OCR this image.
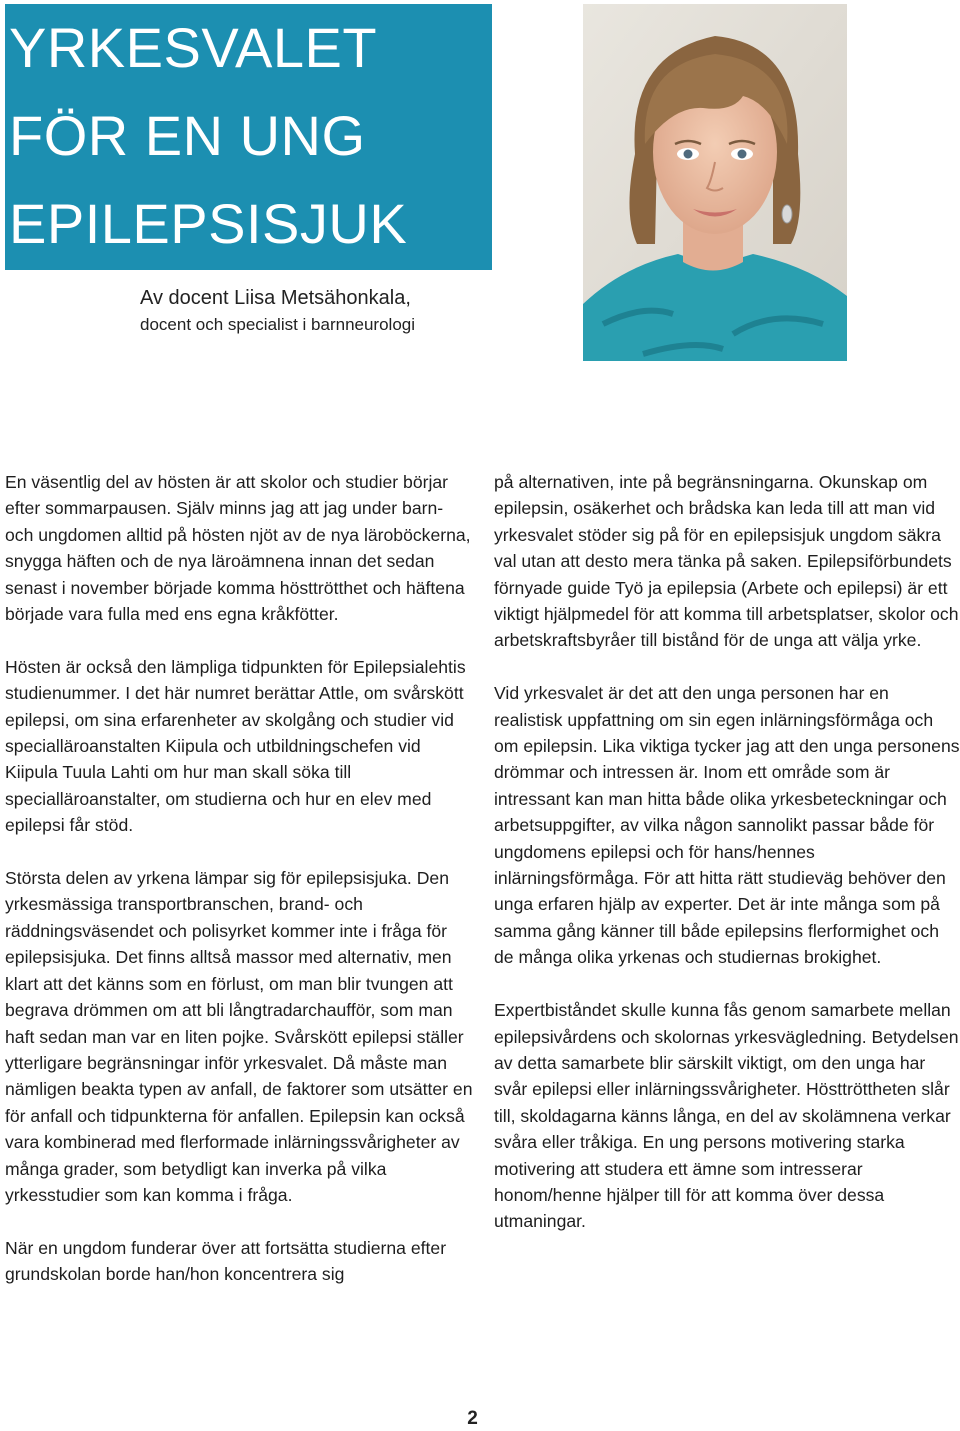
YRKESVALET
FÖR EN UNG
EPILEPSISJUK
Av docent Liisa Metsähonkala,
docent och specialist i barnneurologi

En väsentlig del av hösten är att skolor och studier börjar efter sommarpausen. Själv minns jag att jag under barn- och ungdomen alltid på hösten njöt av de nya läroböckerna, snygga häften och de nya läroämnena innan det sedan senast i november började komma hösttrötthet och häftena började vara fulla med ens egna kråkfötter.

Hösten är också den lämpliga tidpunkten för Epilepsialehtis studienummer. I det här numret berättar Attle, om svårskött epilepsi, om sina erfarenheter av skolgång och studier vid specialläroanstalten Kiipula och utbildningschefen vid Kiipula Tuula Lahti om hur man skall söka till specialläroanstalter, om studierna och hur en elev med epilepsi får stöd.

Största delen av yrkena lämpar sig för epilepsisjuka. Den yrkesmässiga transportbranschen, brand- och räddningsväsendet och polisyrket kommer inte i fråga för epilepsisjuka. Det finns alltså massor med alternativ, men klart att det känns som en förlust, om man blir tvungen att begrava drömmen om att bli långtradarchaufför, som man haft sedan man var en liten pojke. Svårskött epilepsi ställer ytterligare begränsningar inför yrkesvalet. Då måste man nämligen beakta typen av anfall, de faktorer som utsätter en för anfall och tidpunkterna för anfallen. Epilepsin kan också vara kombinerad med flerformade inlärningssvårigheter av många grader, som betydligt kan inverka på vilka yrkesstudier som kan komma i fråga.

När en ungdom funderar över att fortsätta studierna efter grundskolan borde han/hon koncentrera sig

på alternativen, inte på begränsningarna. Okunskap om epilepsin, osäkerhet och brådska kan leda till att man vid yrkesvalet stöder sig på för en epilepsisjuk ungdom säkra val utan att desto mera tänka på saken. Epilepsiförbundets förnyade guide Työ ja epilepsia (Arbete och epilepsi) är ett viktigt hjälpmedel för att komma till arbetsplatser, skolor och arbetskraftsbyråer till bistånd för de unga att välja yrke.

Vid yrkesvalet är det att den unga personen har en realistisk uppfattning om sin egen inlärningsförmåga och om epilepsin. Lika viktiga tycker jag att den unga personens drömmar och intressen är. Inom ett område som är intressant kan man hitta både olika yrkesbeteckningar och arbetsuppgifter, av vilka någon sannolikt passar både för ungdomens epilepsi och för hans/hennes inlärningsförmåga. För att hitta rätt studieväg behöver den unga erfaren hjälp av experter. Det är inte många som på samma gång känner till både epilepsins flerformighet och de många olika yrkenas och studiernas brokighet.

Expertbiståndet skulle kunna fås genom samarbete mellan epilepsivårdens och skolornas yrkesvägledning. Betydelsen av detta samarbete blir särskilt viktigt, om den unga har svår epilepsi eller inlärningssvårigheter. Hösttröttheten slår till, skoldagarna känns långa, en del av skolämnena verkar svåra eller tråkiga. En ung persons motivering starka motivering att studera ett ämne som intresserar honom/henne hjälper till för att komma över dessa utmaningar.

2
